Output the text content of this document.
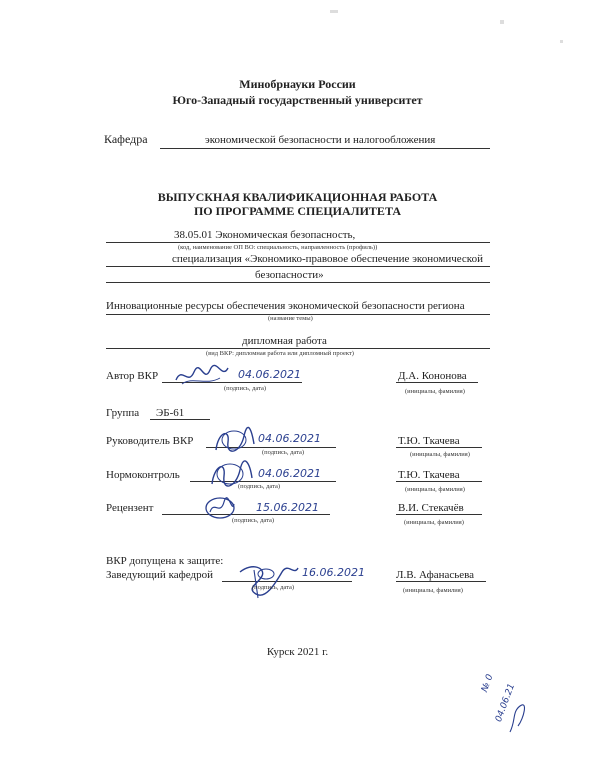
Минобрнауки России
Юго-Западный государственный университет
Кафедра	экономической безопасности и налогообложения
ВЫПУСКНАЯ КВАЛИФИКАЦИОННАЯ РАБОТА
ПО ПРОГРАММЕ СПЕЦИАЛИТЕТА
38.05.01 Экономическая безопасность,
(код, наименование ОП ВО: специальность, направленность (профиль))
специализация «Экономико-правовое обеспечение экономической
безопасности»
Инновационные ресурсы обеспечения экономической безопасности региона
(название темы)
дипломная работа
(вид ВКР: дипломная работа или дипломный проект)
Автор ВКР	04.06.2021
(подпись, дата)
Д.А. Кононова
(инициалы, фамилия)
Группа ЭБ-61
Руководитель ВКР	04.06.2021
(подпись, дата)
Т.Ю. Ткачева
(инициалы, фамилия)
Нормоконтроль	04.06.2021
(подпись, дата)
Т.Ю. Ткачева
(инициалы, фамилия)
Рецензент	15.06.2021
(подпись, дата)
В.И. Стекачёв
(инициалы, фамилия)
ВКР допущена к защите:
Заведующий кафедрой	16.06.2021
(подпись, дата)
Л.В. Афанасьева
(инициалы, фамилия)
Курск 2021 г.
№ 0
04.06.21
